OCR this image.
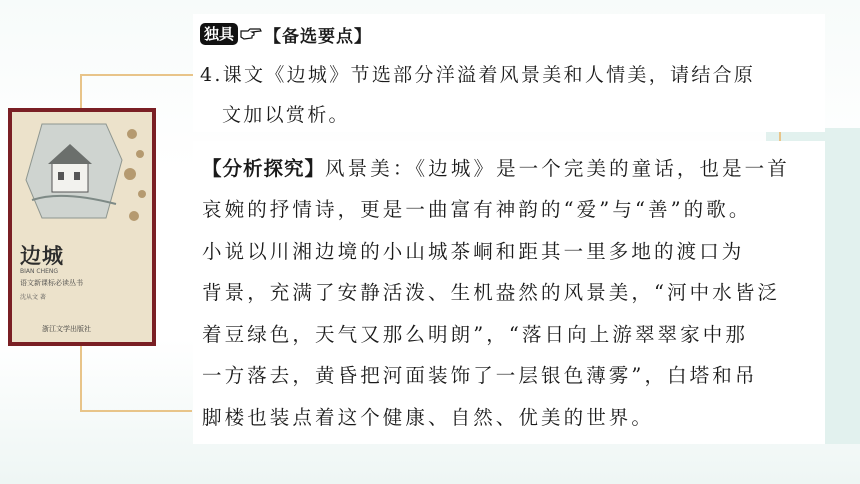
边城
BIAN CHENG
语文新课标必读丛书
沈从文 著
浙江文学出版社
独具 【备选要点】
4.课文《边城》节选部分洋溢着风景美和人情美，请结合原
文加以赏析。
【分析探究】风景美：《边城》是一个完美的童话，也是一首
哀婉的抒情诗，更是一曲富有神韵的“爱”与“善”的歌。
小说以川湘边境的小山城茶峒和距其一里多地的渡口为
背景，充满了安静活泼、生机盎然的风景美，“河中水皆泛
着豆绿色，天气又那么明朗”，“落日向上游翠翠家中那
一方落去，黄昏把河面装饰了一层银色薄雾”，白塔和吊
脚楼也装点着这个健康、自然、优美的世界。
